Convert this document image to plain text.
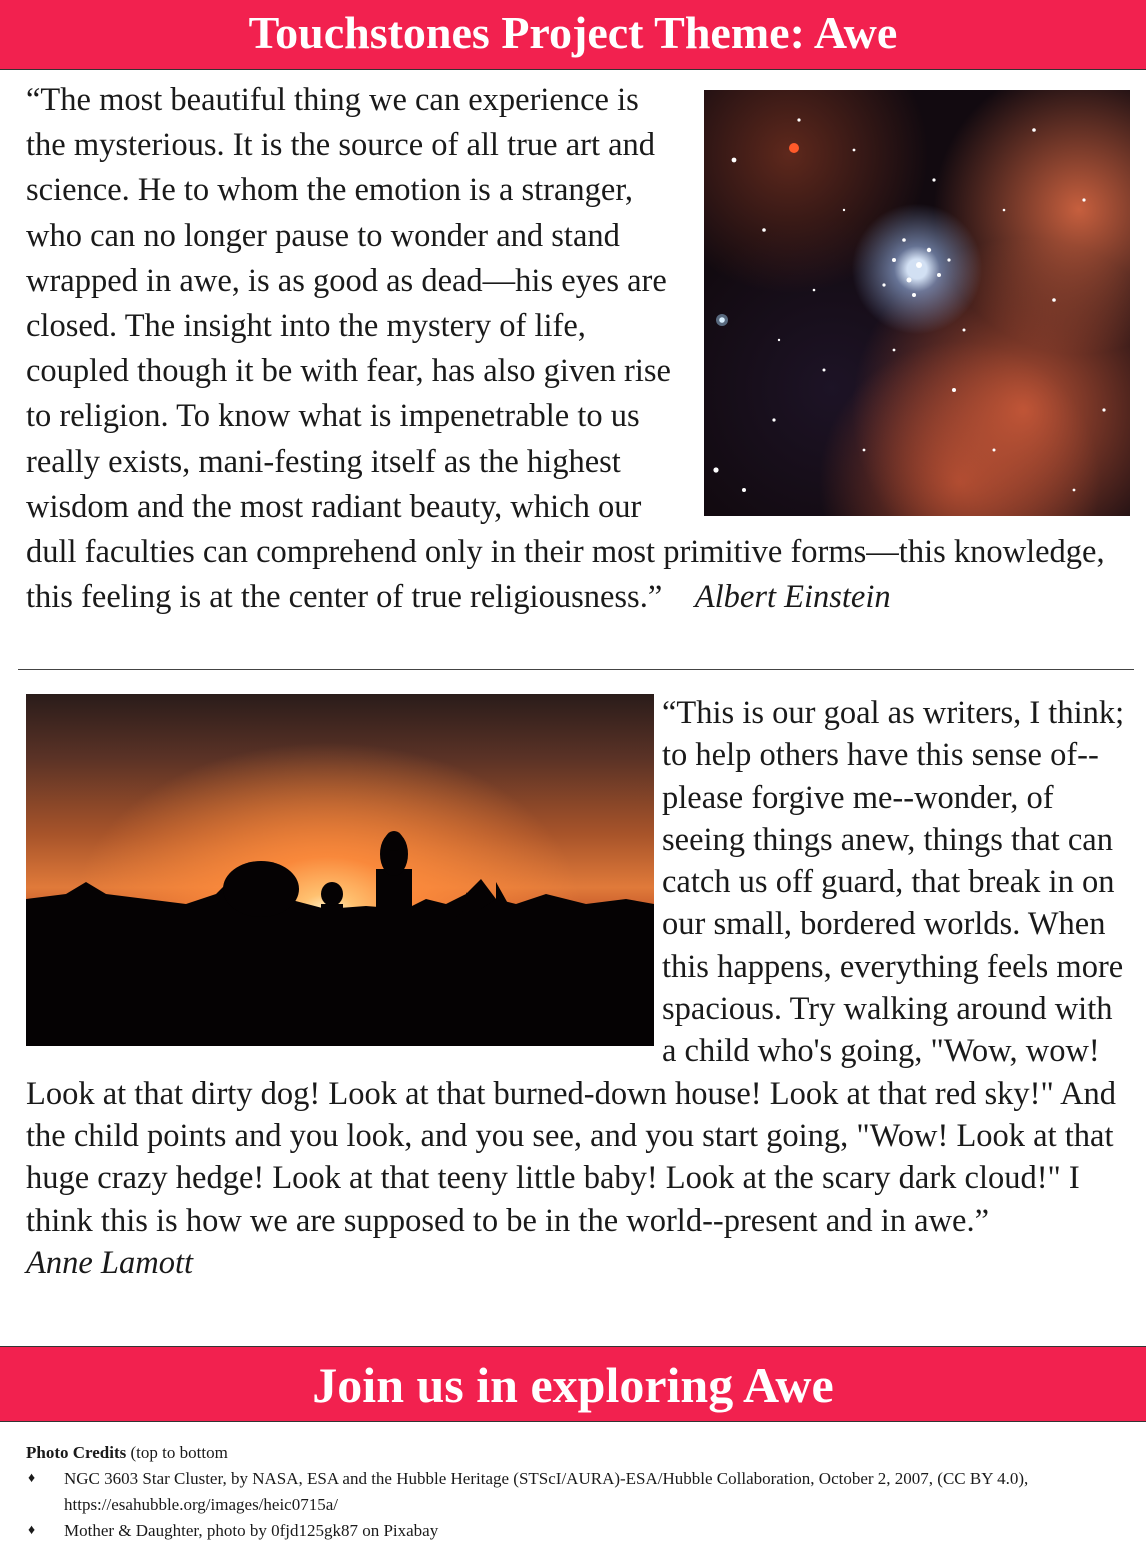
Touchstones Project Theme: Awe
“The most beautiful thing we can experience is the mysterious. It is the source of all true art and science. He to whom the emotion is a stranger, who can no longer pause to wonder and stand wrapped in awe, is as good as dead—his eyes are closed. The insight into the mystery of life, coupled though it be with fear, has also given rise to religion. To know what is impenetrable to us really exists, mani-festing itself as the highest wisdom and the most radiant beauty, which our dull faculties can comprehend only in their most primitive forms—this knowledge, this feeling is at the center of true religiousness.” Albert Einstein
“This is our goal as writers, I think; to help others have this sense of--please forgive me--wonder, of seeing things anew, things that can catch us off guard, that break in on our small, bordered worlds. When this happens, everything feels more spacious. Try walking around with a child who's going, "Wow, wow! Look at that dirty dog! Look at that burned-down house! Look at that red sky!" And the child points and you look, and you see, and you start going, "Wow! Look at that huge crazy hedge! Look at that teeny little baby! Look at the scary dark cloud!" I think this is how we are supposed to be in the world--present and in awe.”
Anne Lamott
Join us in exploring Awe
Photo Credits (top to bottom
♦ NGC 3603 Star Cluster, by NASA, ESA and the Hubble Heritage (STScI/AURA)-ESA/Hubble Collaboration, October 2, 2007, (CC BY 4.0), https://esahubble.org/images/heic0715a/
♦ Mother & Daughter, photo by 0fjd125gk87 on Pixabay
